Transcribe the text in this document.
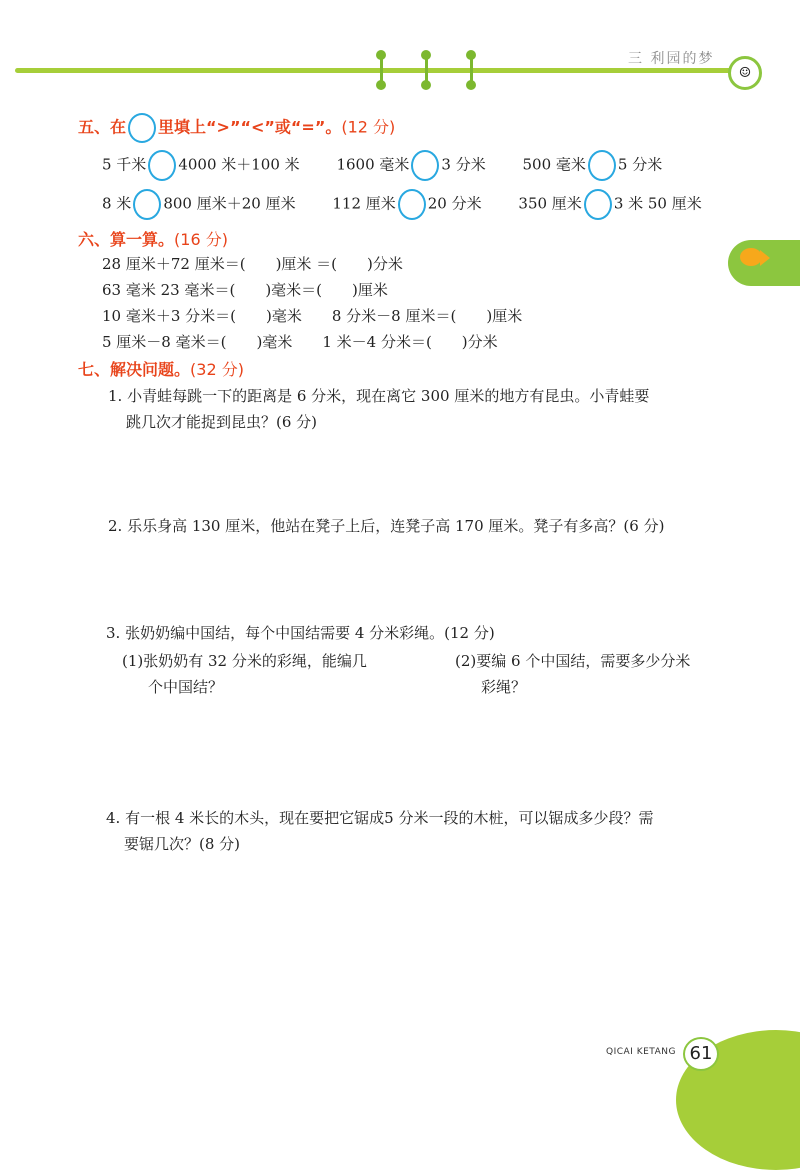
三 利园的梦
☺
五、在 里填上“>”“<”或“=”。(12 分)
5 千米 4000 米＋100 米 1600 毫米 3 分米 500 毫米 5 分米
8 米 800 厘米＋20 厘米 112 厘米 20 分米 350 厘米 3 米 50 厘米
六、算一算。(16 分)
28 厘米＋72 厘米＝(　　)厘米 ＝(　　)分米
63 毫米 23 毫米＝(　　)毫米＝(　　)厘米
10 毫米＋3 分米＝(　　)毫米　　8 分米－8 厘米＝(　　)厘米
5 厘米－8 毫米＝(　　)毫米　　1 米－4 分米＝(　　)分米
七、解决问题。(32 分)
1. 小青蛙每跳一下的距离是 6 分米，现在离它 300 厘米的地方有昆虫。小青蛙要
跳几次才能捉到昆虫？(6 分)
2. 乐乐身高 130 厘米，他站在凳子上后，连凳子高 170 厘米。凳子有多高？(6 分)
3. 张奶奶编中国结，每个中国结需要 4 分米彩绳。(12 分)
(1)张奶奶有 32 分米的彩绳，能编几
个中国结？
(2)要编 6 个中国结，需要多少分米
彩绳？
4. 有一根 4 米长的木头，现在要把它锯成5 分米一段的木桩，可以锯成多少段？需
要锯几次？(8 分)
QICAI KETANG 61
